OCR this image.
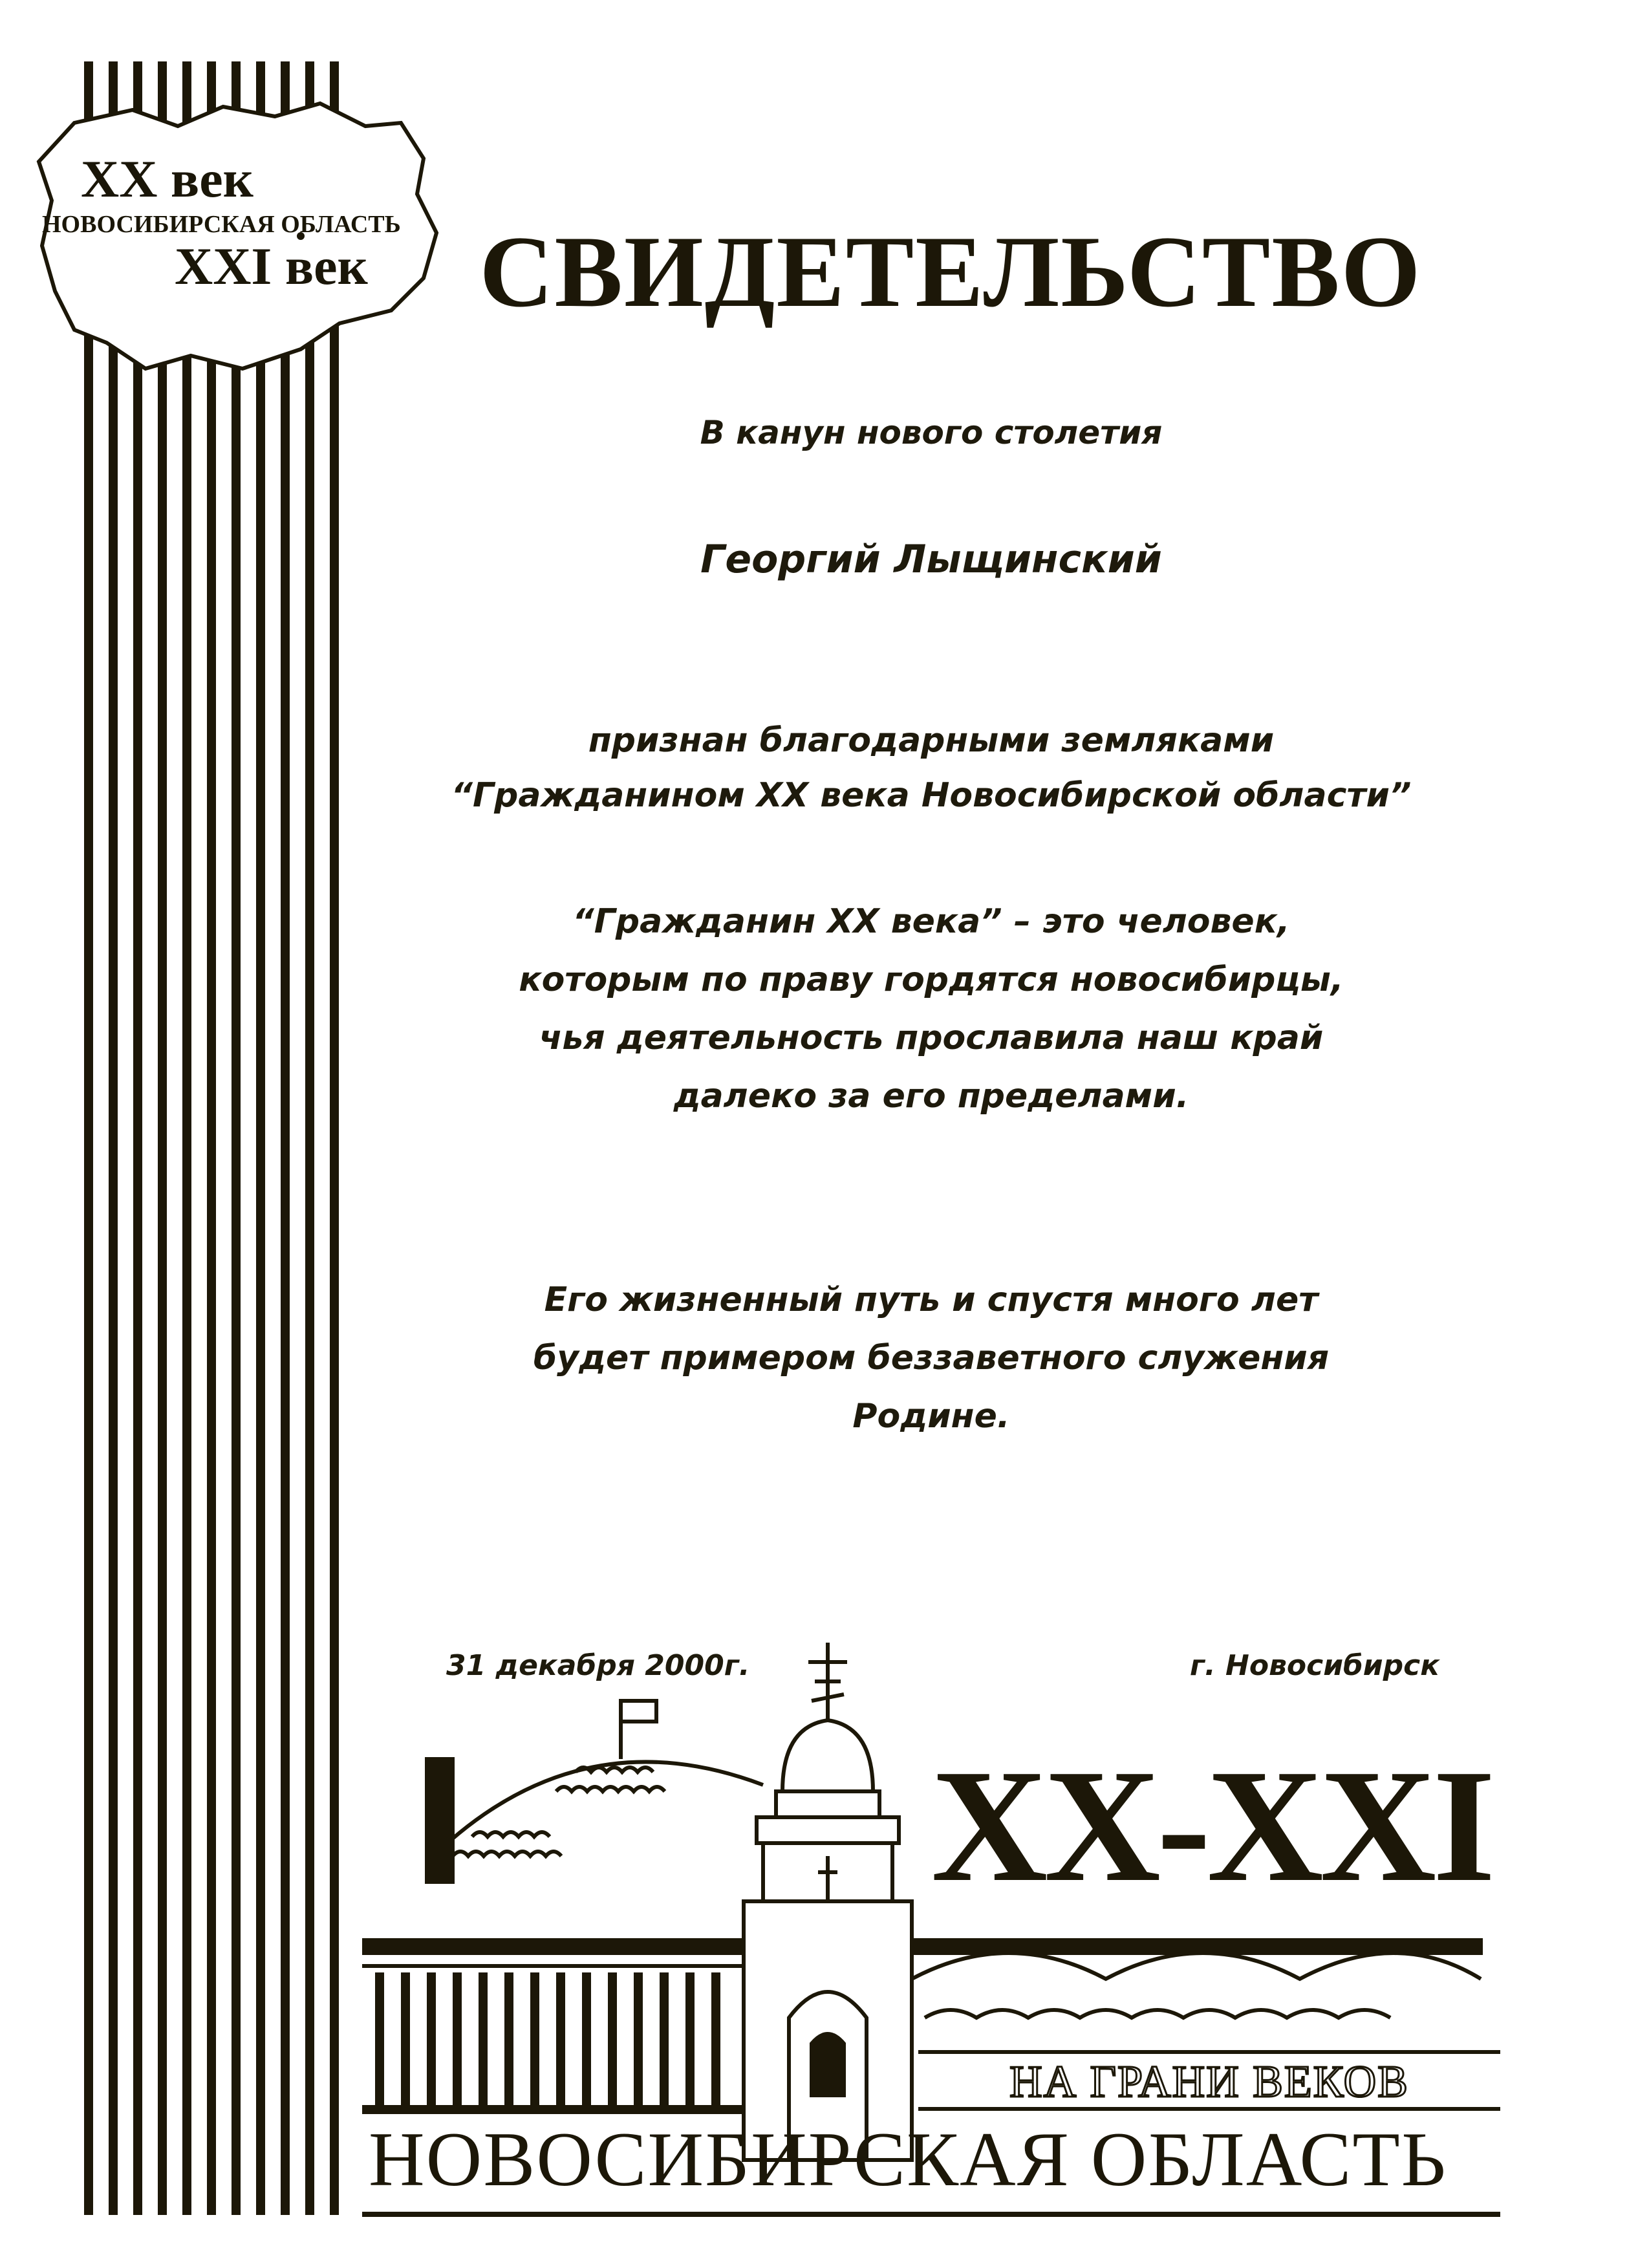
XX век
НОВОСИБИРСКАЯ ОБЛАСТЬ
XXI век СВИДЕТЕЛЬСТВО
В канун нового столетия
Георгий Лыщинский
признан благодарными земляками
“Гражданином XX века Новосибирской области”
“Гражданин XX века” – это человек,
которым по праву гордятся новосибирцы,
чья деятельность прославила наш край
далеко за его пределами.
Его жизненный путь и спустя много лет
будет примером беззаветного служения
Родине.
31 декабря 2000г.	г. Новосибирск
XX-XXI
НА ГРАНИ ВЕКОВ
НОВОСИБИРСКАЯ ОБЛАСТЬ
